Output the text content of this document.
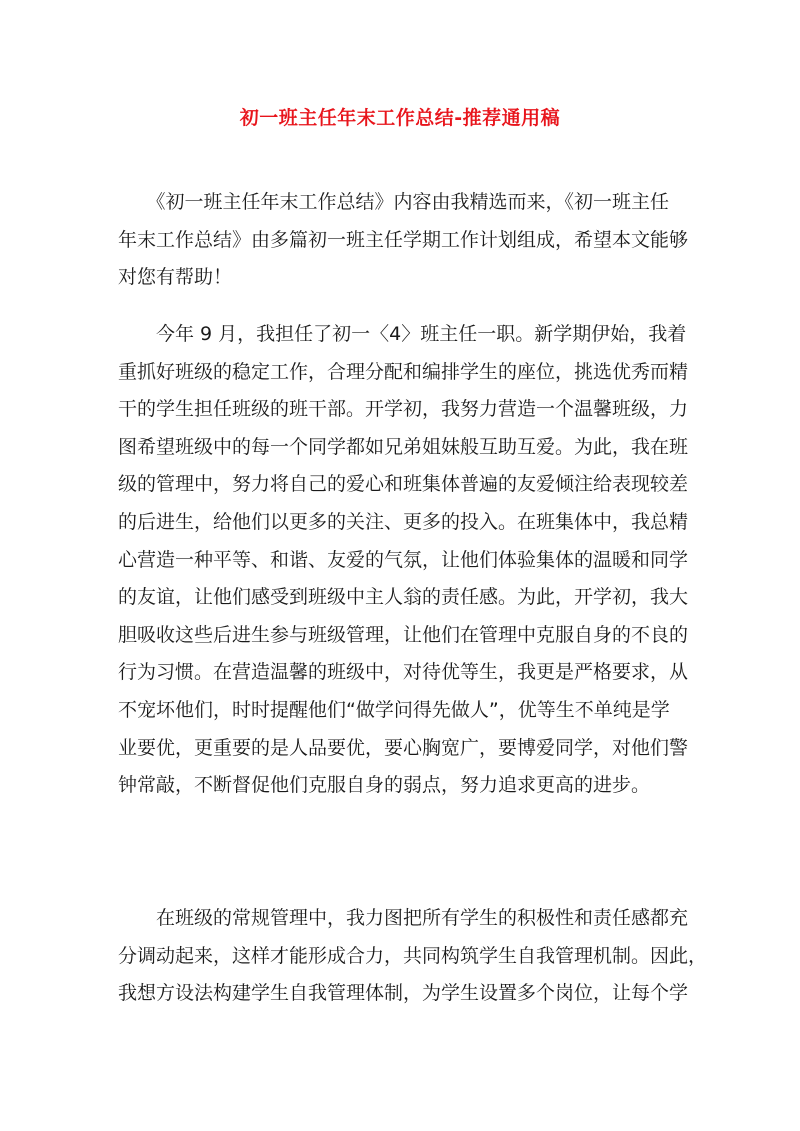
初一班主任年末工作总结-推荐通用稿

　　《初一班主任年末工作总结》内容由我精选而来，《初一班主任
年末工作总结》由多篇初一班主任学期工作计划组成，希望本文能够
对您有帮助！

　　今年 9 月，我担任了初一〈4〉班主任一职。新学期伊始，我着
重抓好班级的稳定工作，合理分配和编排学生的座位，挑选优秀而精
干的学生担任班级的班干部。开学初，我努力营造一个温馨班级，力
图希望班级中的每一个同学都如兄弟姐妹般互助互爱。为此，我在班
级的管理中，努力将自己的爱心和班集体普遍的友爱倾注给表现较差
的后进生，给他们以更多的关注、更多的投入。在班集体中，我总精
心营造一种平等、和谐、友爱的气氛，让他们体验集体的温暖和同学
的友谊，让他们感受到班级中主人翁的责任感。为此，开学初，我大
胆吸收这些后进生参与班级管理，让他们在管理中克服自身的不良的
行为习惯。在营造温馨的班级中，对待优等生，我更是严格要求，从
不宠坏他们，时时提醒他们“做学问得先做人”，优等生不单纯是学
业要优，更重要的是人品要优，要心胸宽广，要博爱同学，对他们警
钟常敲，不断督促他们克服自身的弱点，努力追求更高的进步。

　　在班级的常规管理中，我力图把所有学生的积极性和责任感都充
分调动起来，这样才能形成合力，共同构筑学生自我管理机制。因此，
我想方设法构建学生自我管理体制，为学生设置多个岗位，让每个学
